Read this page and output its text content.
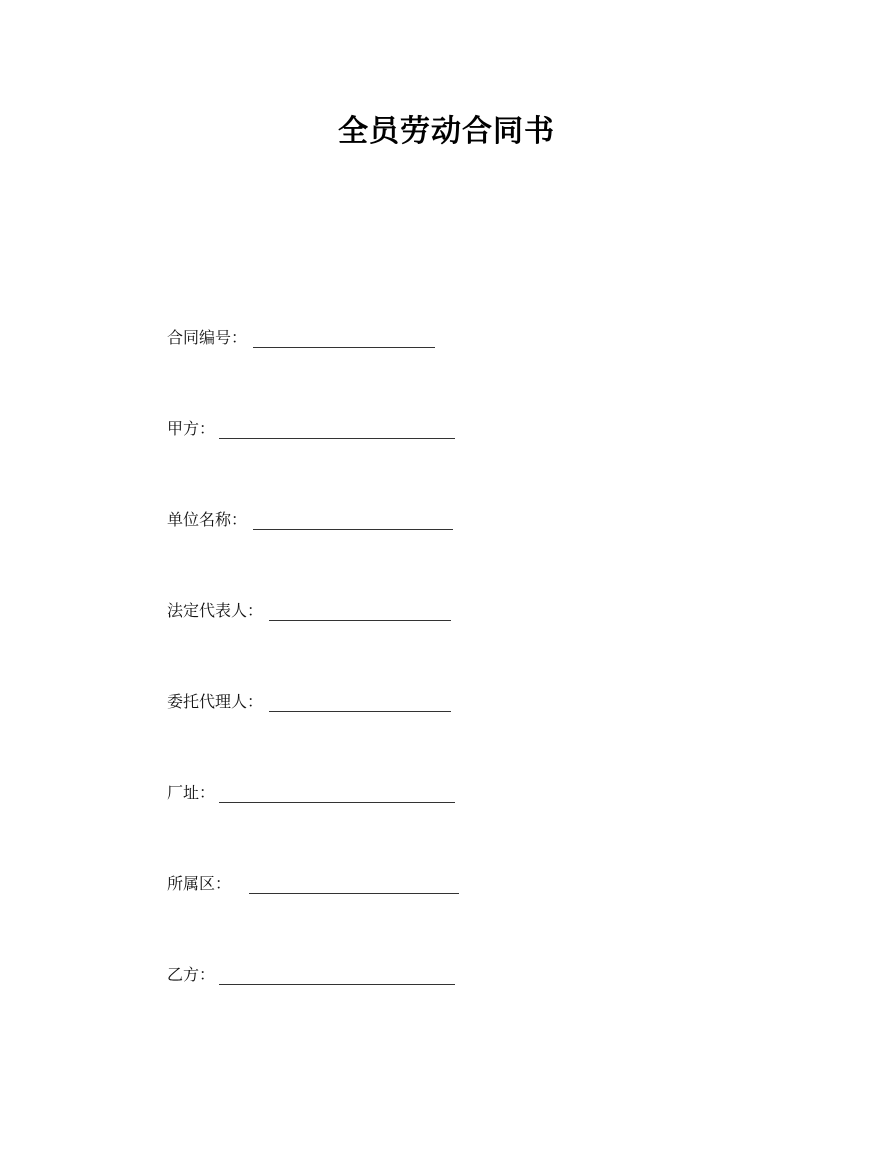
全员劳动合同书
合同编号：
甲方：
单位名称：
法定代表人：
委托代理人：
厂址：
所属区：
乙方：
